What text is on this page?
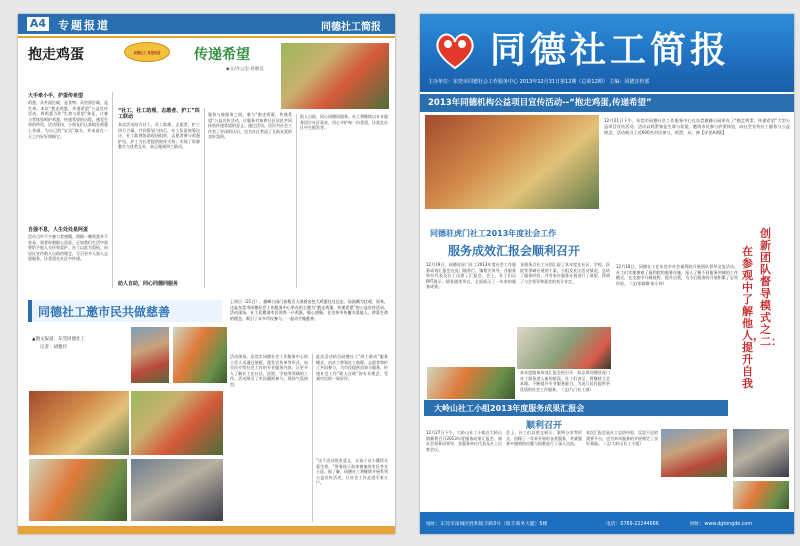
A4	专题报道	同德社工简报
抱走鸡蛋	同德社工 希望鸡蛋	传递希望
◆文/办公室·蒋静仪
大手牵小手，护蛋传希望
鸡蛋，从外面打破，是食物；从里面打破，是生命。本次“抱走鸡蛋，传递希望”公益宣传活动，将鸡蛋当作“生命与希望”象征，让参与者体验呵护鸡蛋、传递希望的历程，感受生命的珍贵。活动现场，小朋友们认真地在鸡蛋上作画，为自己的“宝贝”取名，并承诺在一天之内好好照顾它。
自强不息，人生处处是阿蛋
活动当中不少参与者感慨，照顾一颗鸡蛋并不容易，需要时刻细心留意，正如我们生活中需要给予他人关怀和爱护。社工以此为契机，向居民宣传助人自助的理念，号召更多人加入志愿服务，让希望在社区中传递。
“社工、社工助理、志愿者、护工”四工联动
本次活动结合社工、社工助理、志愿者、护工四方力量，共同策划与执行，社工负责统筹设计，社工助理协助现场组织，志愿者参与鸡蛋护送，护工为长者提供陪伴支持，实现了资源整合与优势互补，真正做到四工联动。
助人自助，同心同德同服务
服务与被服务之间，参与“抱走鸡蛋，传递希望”公益宣传活动，让服务对象和社区居民共同体验传递希望的意义。通过活动，居民对社会工作有了更深的认识，也为社区营造了互助友爱的良好氛围。
助人自助，同心同德同服务。社工将继续以专业服务回应社区需求，用心守护每一份希望，让爱在社区中生根发芽。
同德社工邀市民共做慈善
上周日（21日），旗峰公园门前数百人围着金色大鸡蛋往这边走，场面颇为壮观，原来，这是东莞市同德社会工作服务中心举办的主题为“抱走鸡蛋，传递希望”的公益宣传活动。活动现场，社工们邀请市民领养一只鸡蛋，细心照顾，在宣传中传播关爱他人、珍爱生命的理念，吸引了众多市民参与，一起动手做慈善。
▲图文报道：东莞同德社工
记者：胡雅玲
活动现场，东莞市同德社会工作服务中心的工作人员通过展板、派发宣传单等形式，向市民介绍社会工作的专业服务内容，让更多人了解社工在社区、医院、学校等领域的工作。活动吸引了市民踊跃参与，现场气氛热烈。
此次活动结合同德社工“四工联动”服务模式，由社工带领社工助理、志愿者和护工共同参与，为市民提供咨询与服务，传递社会工作“助人自助”的专业理念，受到市民的一致好评。
“这个活动很有意义，让孩子从小懂得关爱生命。”带着孩子前来参加的市民李女士说。据了解，同德社工将继续开展系列公益宣传活动，让社会工作走进千家万户。
同德社工简报
主办单位：东莞市同德社会工作服务中心 2013年12月31日第12期（总第12期） 主编：同德宣传部
2013年同德机构公益项目宣传活动--“抱走鸡蛋,传递希望”
12月21日下午，东莞市同德社会工作服务中心在东莞旗峰公园举办了“抱走鸡蛋，传递希望”大型公益项目宣传活动。活动以鸡蛋象征生命与希望，邀请市民参与护蛋体验，向社会宣传社工服务与公益理念。活动吸引了近600名市民参与，鸡蛋、从、神【详见A4版】
同德驻虎门社工2013年度社会工作
服务成效汇报会顺利召开
12月19日，同德驻虎门社工2013年度社会工作服务成效汇报会在虎门镇举行。镇相关领导、各服务单位代表及社工出席了汇报会。会上，社工们以PPT展示、情景剧等形式，全面展示了一年来的服务成效。
各服务点社工分别汇报了本年度在社区、学校、医院等领域开展的个案、小组及社区活动情况，总结了服务经验，并对来年服务计划进行了展望，得到了与会领导和嘉宾的充分肯定。
本年度服务成效汇报会的召开，标志着同德驻虎门社工服务进入新的阶段。社工们表示，将继续立足本地，不断提升专业服务能力，为虎门居民提供更优质的社会工作服务。（文/九门社工部）
大岭山社工小组2013年度服务成果汇报会
顺利召开
12月27日下午，大岭山社工小组在大岭山镇顺利召开2013年度服务成果汇报会。镇社会事务局领导、各服务单位代表及社工出席会议。
会上，社工们以图文展示、案例分享等形式，回顾了一年来开展的各类服务，并就服务中遇到的问题与困难进行了深入交流。
本次汇报会是社工总结经验、反思不足的重要平台，也为来年服务的开展奠定了良好基础。（文/大岭山社工小组）
创新团队督导模式之二：
在参观中了解他人，提升自我
12月18日，同德社工在东莞市社会福利院开展团队督导交流活动。社工们实地参观了福利院的服务设施，深入了解不同服务领域的工作模式，在交流中开阔视野、提升自我，为今后服务的开展积累了宝贵经验。（文/邓如卿·张小伟）
地址：东莞市南城区胜和银丰路3号（银丰商务大厦）5楼	电话：0769-22244666	网址：www.dgtongde.com
